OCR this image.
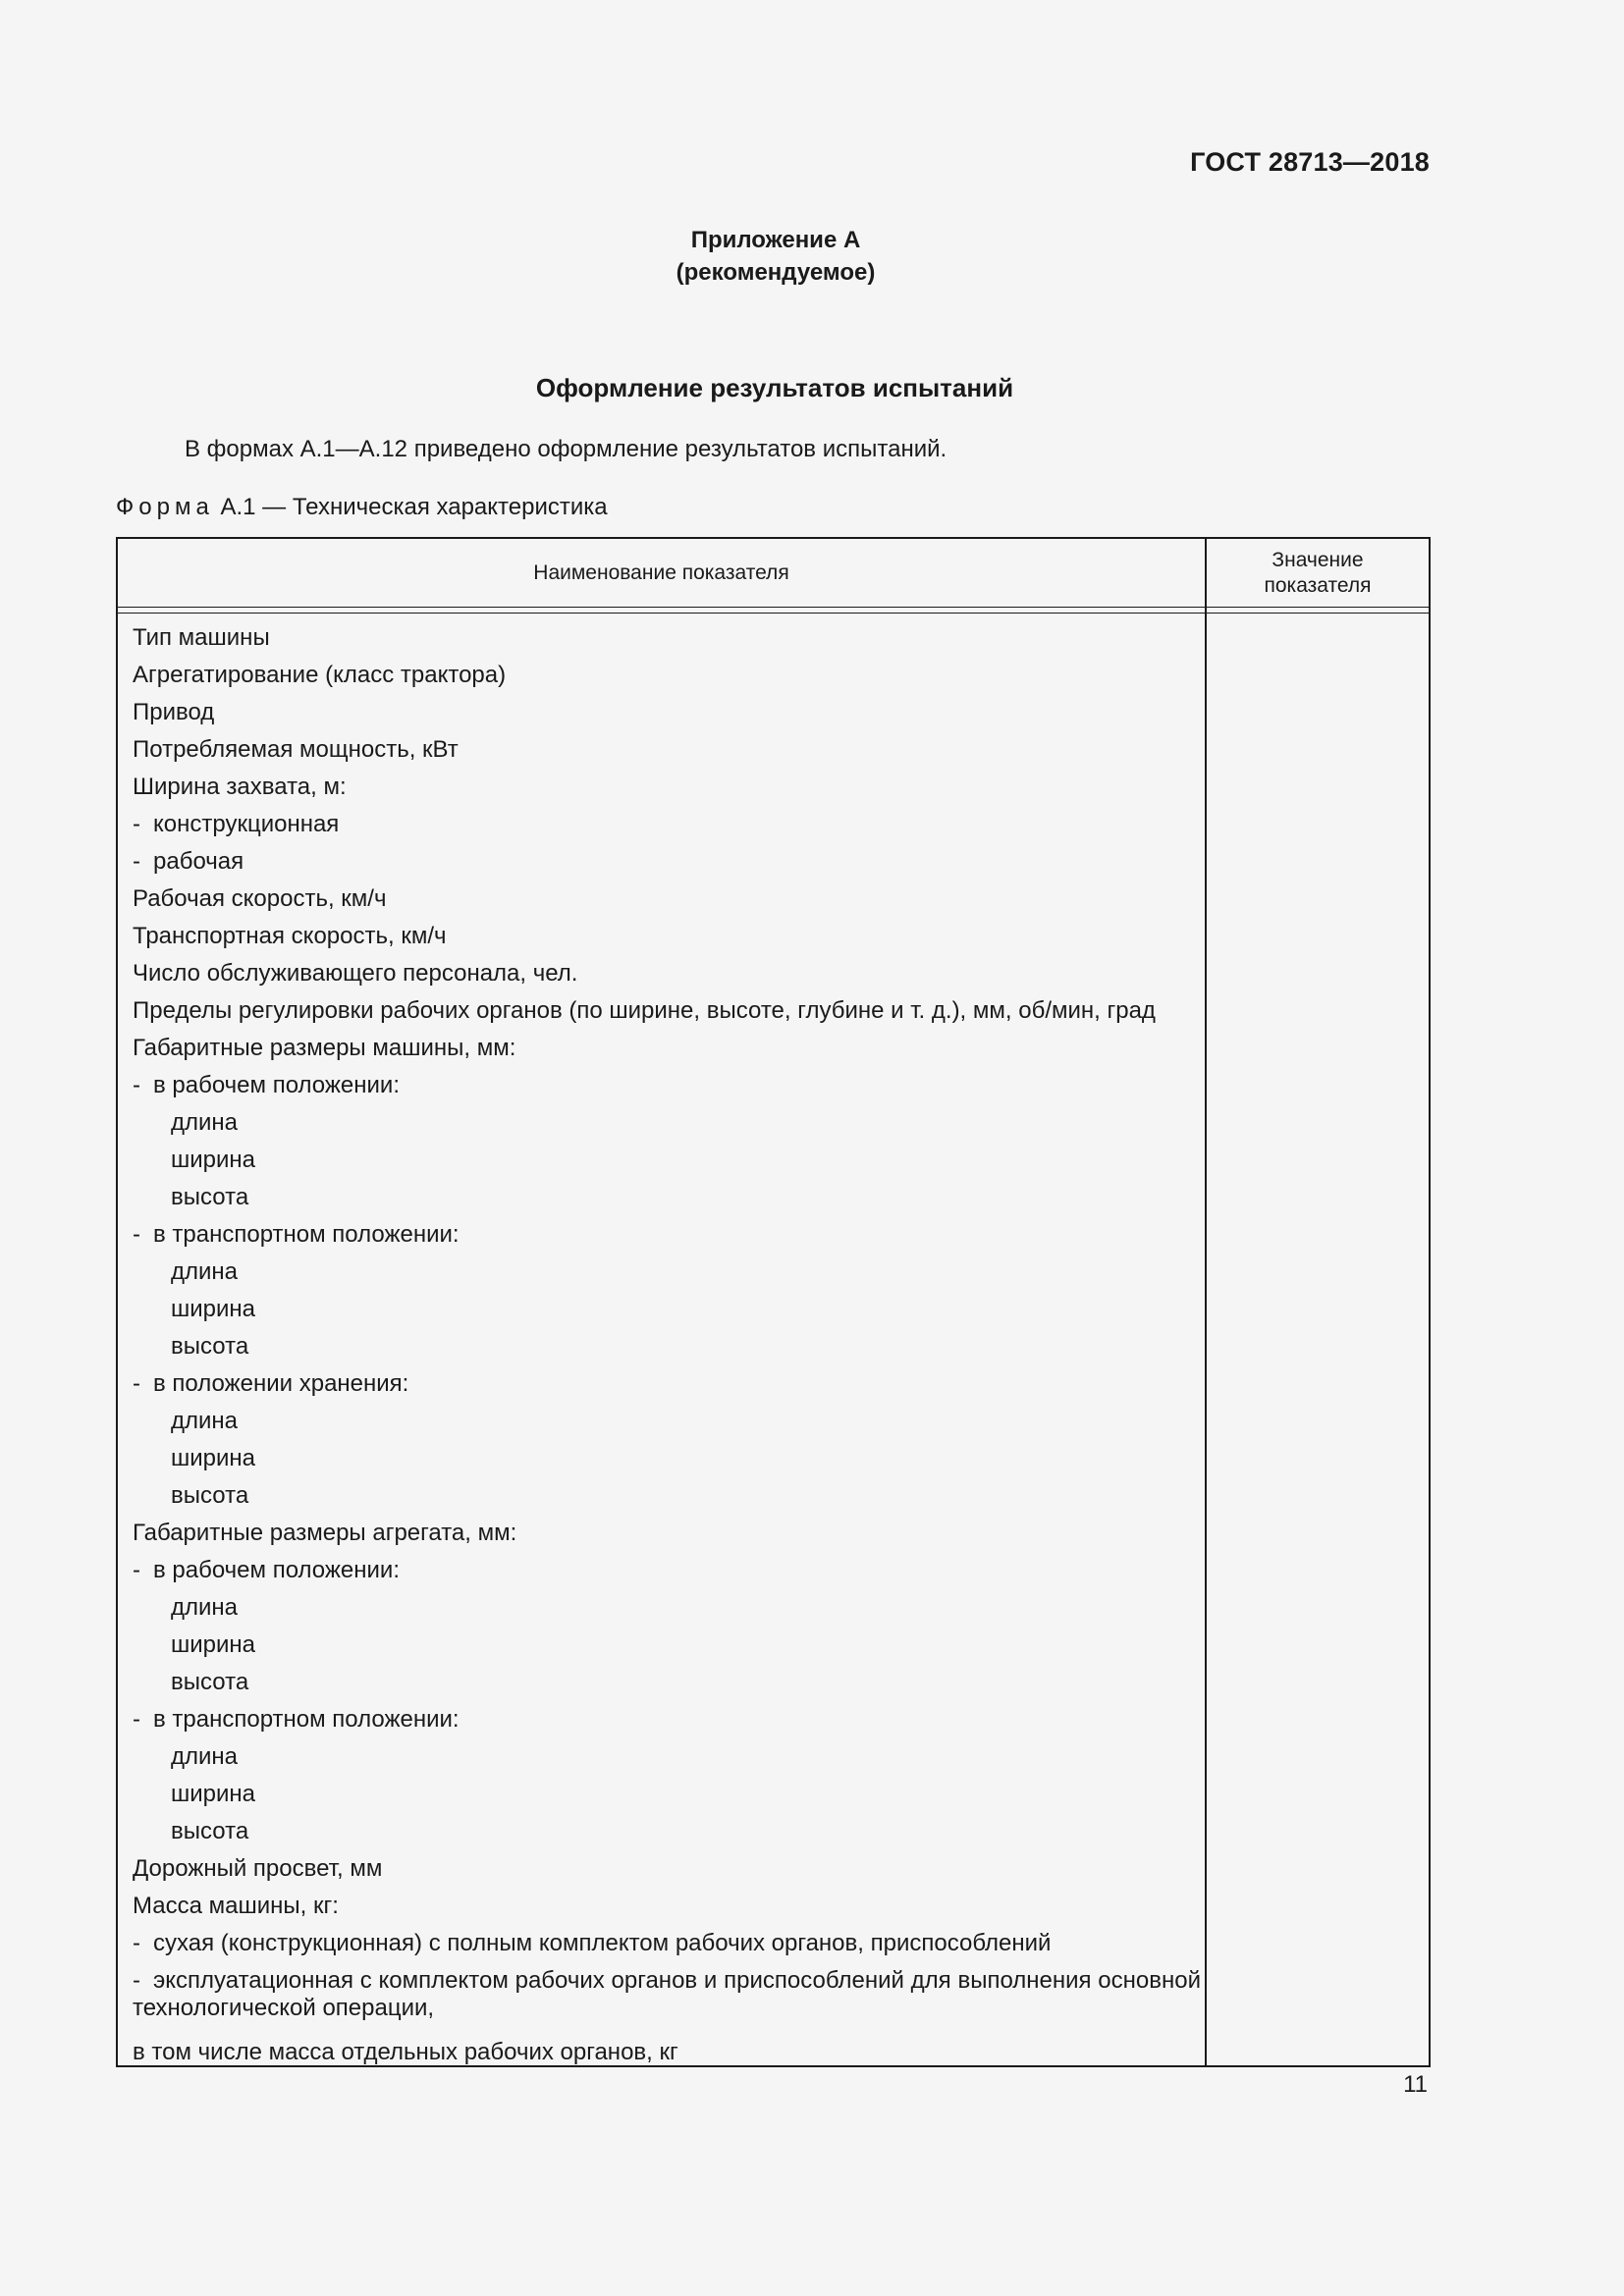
ГОСТ 28713—2018
Приложение А
(рекомендуемое)
Оформление результатов испытаний
В формах А.1—А.12 приведено оформление результатов испытаний.
Форма А.1 — Техническая характеристика
Наименование показателя
Значение
показателя
Тип машины
Агрегатирование (класс трактора)
Привод
Потребляемая мощность, кВт
Ширина захвата, м:
- конструкционная
- рабочая
Рабочая скорость, км/ч
Транспортная скорость, км/ч
Число обслуживающего персонала, чел.
Пределы регулировки рабочих органов (по ширине, высоте, глубине и т. д.), мм, об/мин, град
Габаритные размеры машины, мм:
- в рабочем положении:
длина
ширина
высота
- в транспортном положении:
длина
ширина
высота
- в положении хранения:
длина
ширина
высота
Габаритные размеры агрегата, мм:
- в рабочем положении:
длина
ширина
высота
- в транспортном положении:
длина
ширина
высота
Дорожный просвет, мм
Масса машины, кг:
- сухая (конструкционная) с полным комплектом рабочих органов, приспособлений
- эксплуатационная с комплектом рабочих органов и приспособлений для выполнения основной технологической операции,
в том числе масса отдельных рабочих органов, кг
11
